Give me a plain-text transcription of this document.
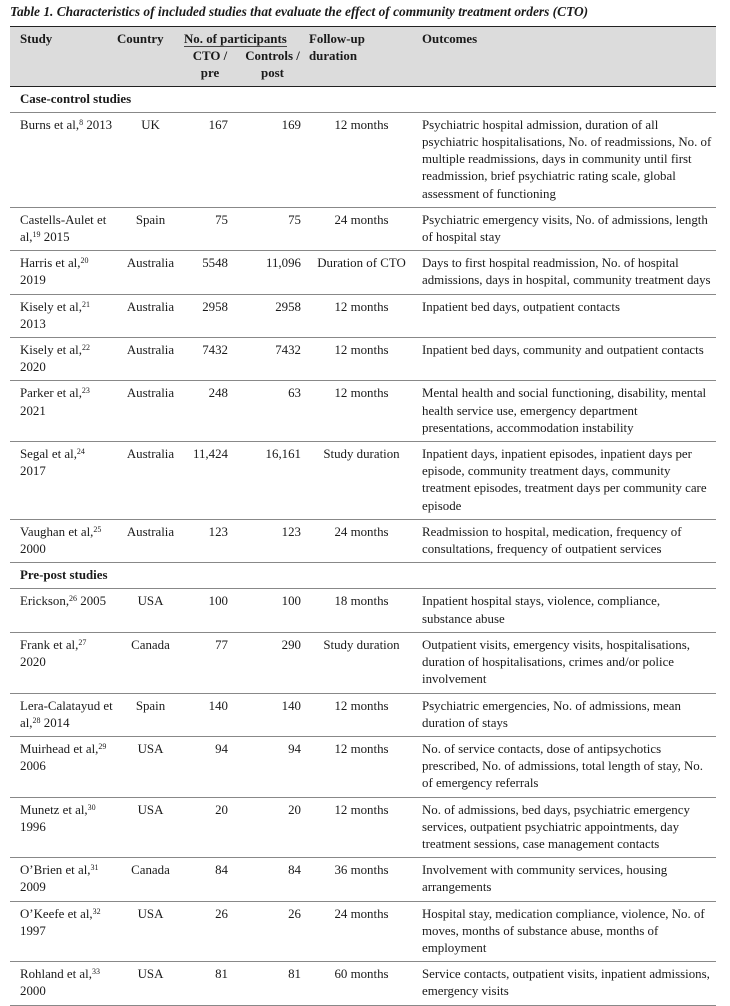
Table 1. Characteristics of included studies that evaluate the effect of community treatment orders (CTO)
Study	Country	No. of participants		Follow-up duration	Outcomes
		CTO / pre	Controls / post		
Case-control studies					
Burns et al,$^8$ 2013	UK	167	169	12 months	Psychiatric hospital admission, duration of all psychiatric hospitalisations, No. of readmissions, No. of multiple readmissions, days in community until first readmission, brief psychiatric rating scale, global assessment of functioning
Castells-Aulet et al,$^{19}$ 2015	Spain	75	75	24 months	Psychiatric emergency visits, No. of admissions, length of hospital stay
Harris et al,$^{20}$ 2019	Australia	5548	11,096	Duration of CTO	Days to first hospital readmission, No. of hospital admissions, days in hospital, community treatment days
Kisely et al,$^{21}$ 2013	Australia	2958	2958	12 months	Inpatient bed days, outpatient contacts
Kisely et al,$^{22}$ 2020	Australia	7432	7432	12 months	Inpatient bed days, community and outpatient contacts
Parker et al,$^{23}$ 2021	Australia	248	63	12 months	Mental health and social functioning, disability, mental health service use, emergency department presentations, accommodation instability
Segal et al,$^{24}$ 2017	Australia	11,424	16,161	Study duration	Inpatient days, inpatient episodes, inpatient days per episode, community treatment days, community treatment episodes, treatment days per community care episode
Vaughan et al,$^{25}$ 2000	Australia	123	123	24 months	Readmission to hospital, medication, frequency of consultations, frequency of outpatient services
Pre-post studies					
Erickson,$^{26}$ 2005	USA	100	100	18 months	Inpatient hospital stays, violence, compliance, substance abuse
Frank et al,$^{27}$ 2020	Canada	77	290	Study duration	Outpatient visits, emergency visits, hospitalisations, duration of hospitalisations, crimes and/or police involvement
Lera-Calatayud et al,$^{28}$ 2014	Spain	140	140	12 months	Psychiatric emergencies, No. of admissions, mean duration of stays
Muirhead et al,$^{29}$ 2006	USA	94	94	12 months	No. of service contacts, dose of antipsychotics prescribed, No. of admissions, total length of stay, No. of emergency referrals
Munetz et al,$^{30}$ 1996	USA	20	20	12 months	No. of admissions, bed days, psychiatric emergency services, outpatient psychiatric appointments, day treatment sessions, case management contacts
O’Brien et al,$^{31}$ 2009	Canada	84	84	36 months	Involvement with community services, housing arrangements
O’Keefe et al,$^{32}$ 1997	USA	26	26	24 months	Hospital stay, medication compliance, violence, No. of moves, months of substance abuse, months of employment
Rohland et al,$^{33}$ 2000	USA	81	81	60 months	Service contacts, outpatient visits, inpatient admissions, emergency visits
